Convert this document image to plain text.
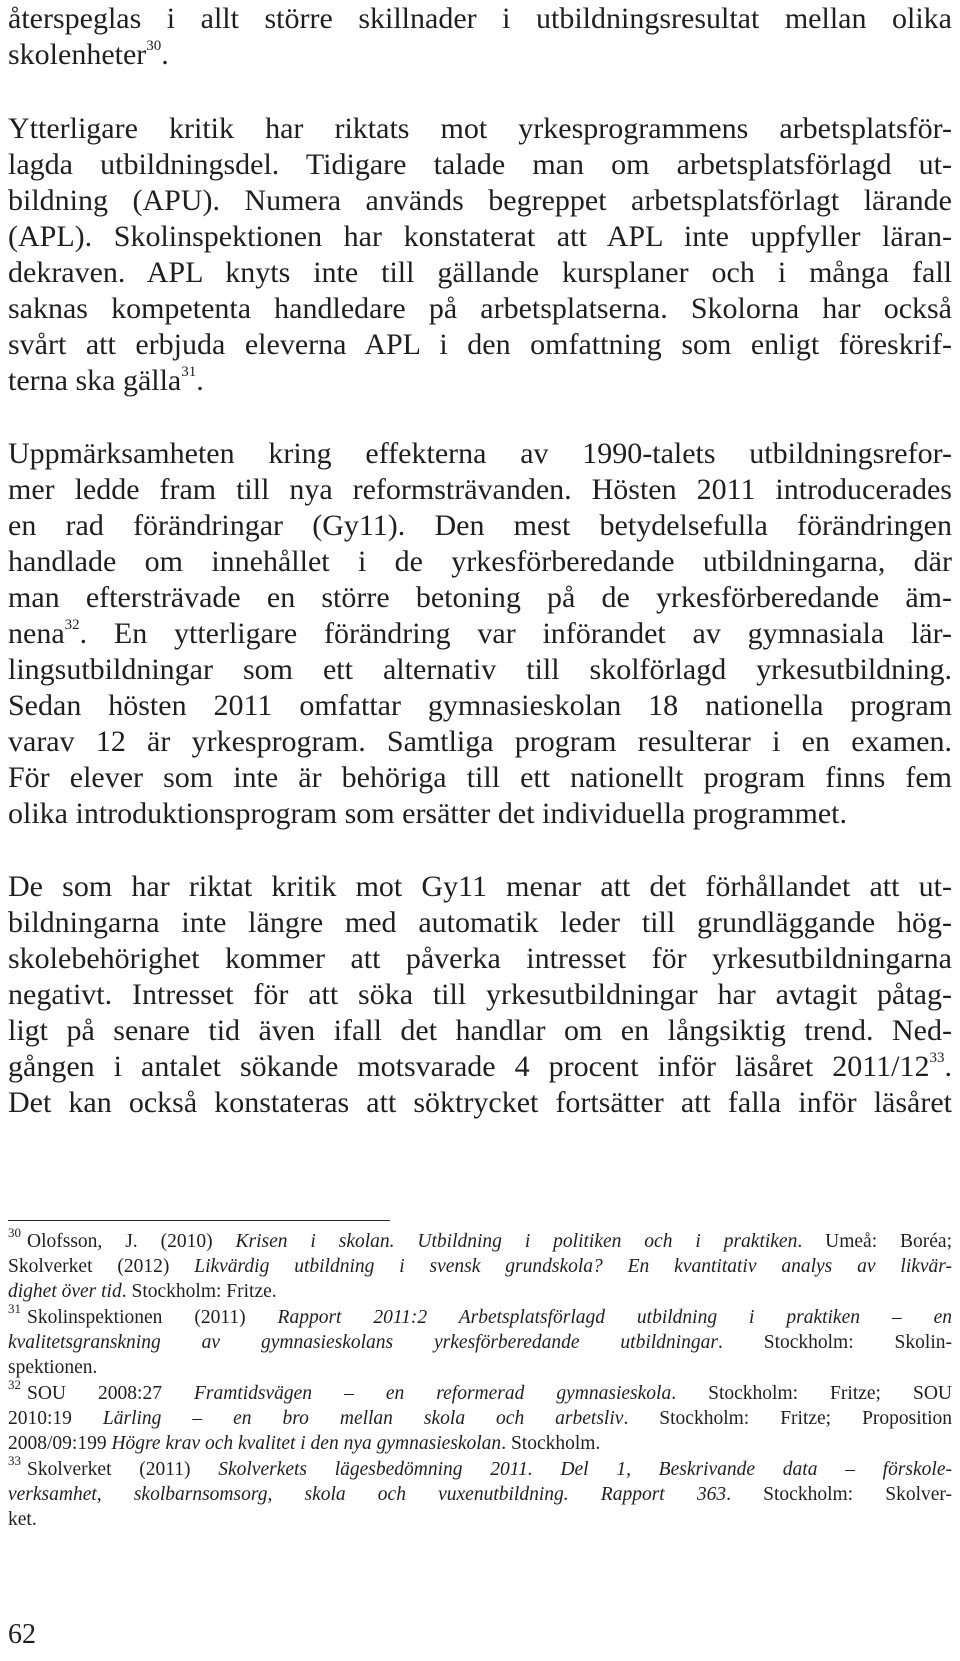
återspeglas i allt större skillnader i utbildningsresultat mellan olika
skolenheter$^{30}$.
Ytterligare kritik har riktats mot yrkesprogrammens arbetsplatsför-
lagda utbildningsdel. Tidigare talade man om arbetsplatsförlagd ut-
bildning (APU). Numera används begreppet arbetsplatsförlagt lärande
(APL). Skolinspektionen har konstaterat att APL inte uppfyller läran-
dekraven. APL knyts inte till gällande kursplaner och i många fall
saknas kompetenta handledare på arbetsplatserna. Skolorna har också
svårt att erbjuda eleverna APL i den omfattning som enligt föreskrif-
terna ska gälla$^{31}$.
Uppmärksamheten kring effekterna av 1990-talets utbildningsrefor-
mer ledde fram till nya reformsträvanden. Hösten 2011 introducerades
en rad förändringar (Gy11). Den mest betydelsefulla förändringen
handlade om innehållet i de yrkesförberedande utbildningarna, där
man eftersträvade en större betoning på de yrkesförberedande äm-
nena$^{32}$. En ytterligare förändring var införandet av gymnasiala lär-
lingsutbildningar som ett alternativ till skolförlagd yrkesutbildning.
Sedan hösten 2011 omfattar gymnasieskolan 18 nationella program
varav 12 är yrkesprogram. Samtliga program resulterar i en examen.
För elever som inte är behöriga till ett nationellt program finns fem
olika introduktionsprogram som ersätter det individuella programmet.
De som har riktat kritik mot Gy11 menar att det förhållandet att ut-
bildningarna inte längre med automatik leder till grundläggande hög-
skolebehörighet kommer att påverka intresset för yrkesutbildningarna
negativt. Intresset för att söka till yrkesutbildningar har avtagit påtag-
ligt på senare tid även ifall det handlar om en långsiktig trend. Ned-
gången i antalet sökande motsvarade 4 procent inför läsåret 2011/12$^{33}$.
Det kan också konstateras att söktrycket fortsätter att falla inför läsåret
$^{30}$ Olofsson, J. (2010) Krisen i skolan. Utbildning i politiken och i praktiken. Umeå: Boréa;
Skolverket (2012) Likvärdig utbildning i svensk grundskola? En kvantitativ analys av likvär-
dighet över tid. Stockholm: Fritze.
$^{31}$ Skolinspektionen (2011) Rapport 2011:2 Arbetsplatsförlagd utbildning i praktiken – en
kvalitetsgranskning av gymnasieskolans yrkesförberedande utbildningar. Stockholm: Skolin-
spektionen.
$^{32}$ SOU 2008:27 Framtidsvägen – en reformerad gymnasieskola. Stockholm: Fritze; SOU
2010:19 Lärling – en bro mellan skola och arbetsliv. Stockholm: Fritze; Proposition
2008/09:199 Högre krav och kvalitet i den nya gymnasieskolan. Stockholm.
$^{33}$ Skolverket (2011) Skolverkets lägesbedömning 2011. Del 1, Beskrivande data – förskole-
verksamhet, skolbarnsomsorg, skola och vuxenutbildning. Rapport 363. Stockholm: Skolver-
ket.
62
